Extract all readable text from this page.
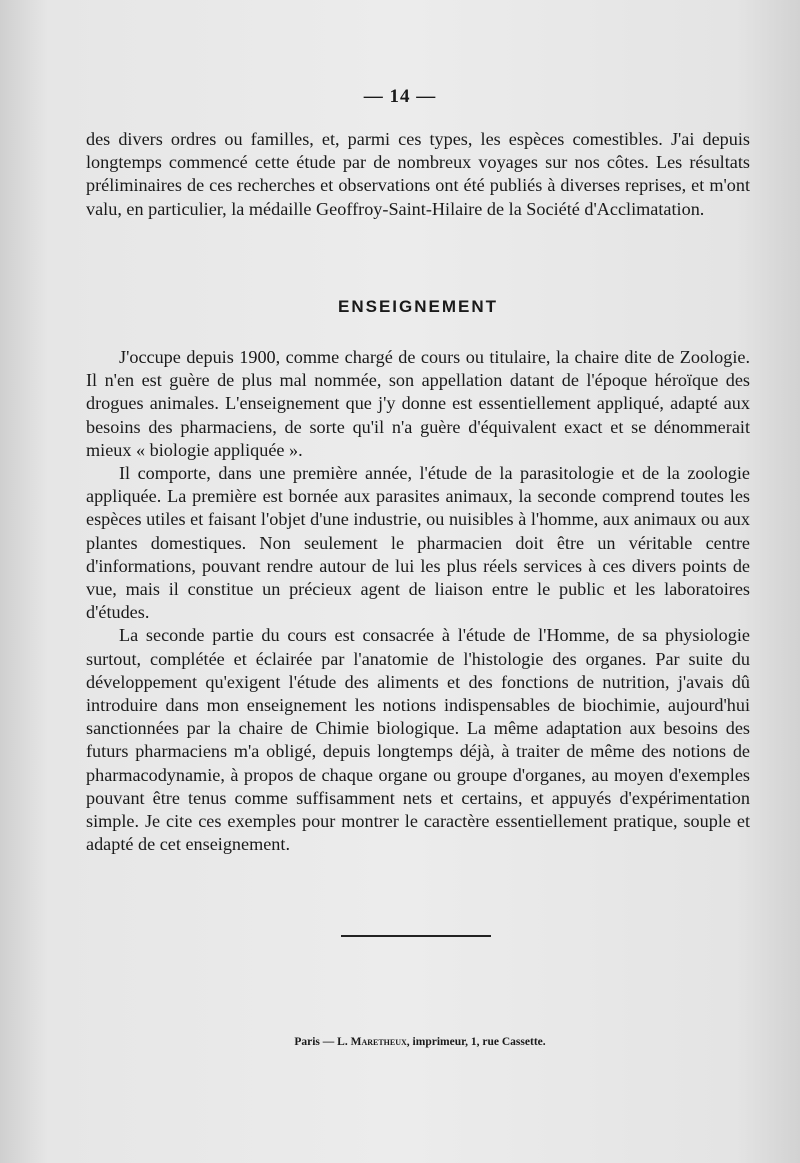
— 14 —

des divers ordres ou familles, et, parmi ces types, les espèces comestibles. J'ai depuis longtemps commencé cette étude par de nombreux voyages sur nos côtes. Les résultats préliminaires de ces recherches et observations ont été publiés à diverses reprises, et m'ont valu, en particulier, la médaille Geoffroy-Saint-Hilaire de la Société d'Acclimatation.

ENSEIGNEMENT

J'occupe depuis 1900, comme chargé de cours ou titulaire, la chaire dite de Zoologie. Il n'en est guère de plus mal nommée, son appellation datant de l'époque héroïque des drogues animales. L'enseignement que j'y donne est essentiellement appliqué, adapté aux besoins des pharmaciens, de sorte qu'il n'a guère d'équivalent exact et se dénommerait mieux « biologie appliquée ».

Il comporte, dans une première année, l'étude de la parasitologie et de la zoologie appliquée. La première est bornée aux parasites animaux, la seconde comprend toutes les espèces utiles et faisant l'objet d'une industrie, ou nuisibles à l'homme, aux animaux ou aux plantes domestiques. Non seulement le pharmacien doit être un véritable centre d'informations, pouvant rendre autour de lui les plus réels services à ces divers points de vue, mais il constitue un précieux agent de liaison entre le public et les laboratoires d'études.

La seconde partie du cours est consacrée à l'étude de l'Homme, de sa physiologie surtout, complétée et éclairée par l'anatomie de l'histologie des organes. Par suite du développement qu'exigent l'étude des aliments et des fonctions de nutrition, j'avais dû introduire dans mon enseignement les notions indispensables de biochimie, aujourd'hui sanctionnées par la chaire de Chimie biologique. La même adaptation aux besoins des futurs pharmaciens m'a obligé, depuis longtemps déjà, à traiter de même des notions de pharmacodynamie, à propos de chaque organe ou groupe d'organes, au moyen d'exemples pouvant être tenus comme suffisamment nets et certains, et appuyés d'expérimentation simple. Je cite ces exemples pour montrer le caractère essentiellement pratique, souple et adapté de cet enseignement.

Paris — L. Maretheux, imprimeur, 1, rue Cassette.
